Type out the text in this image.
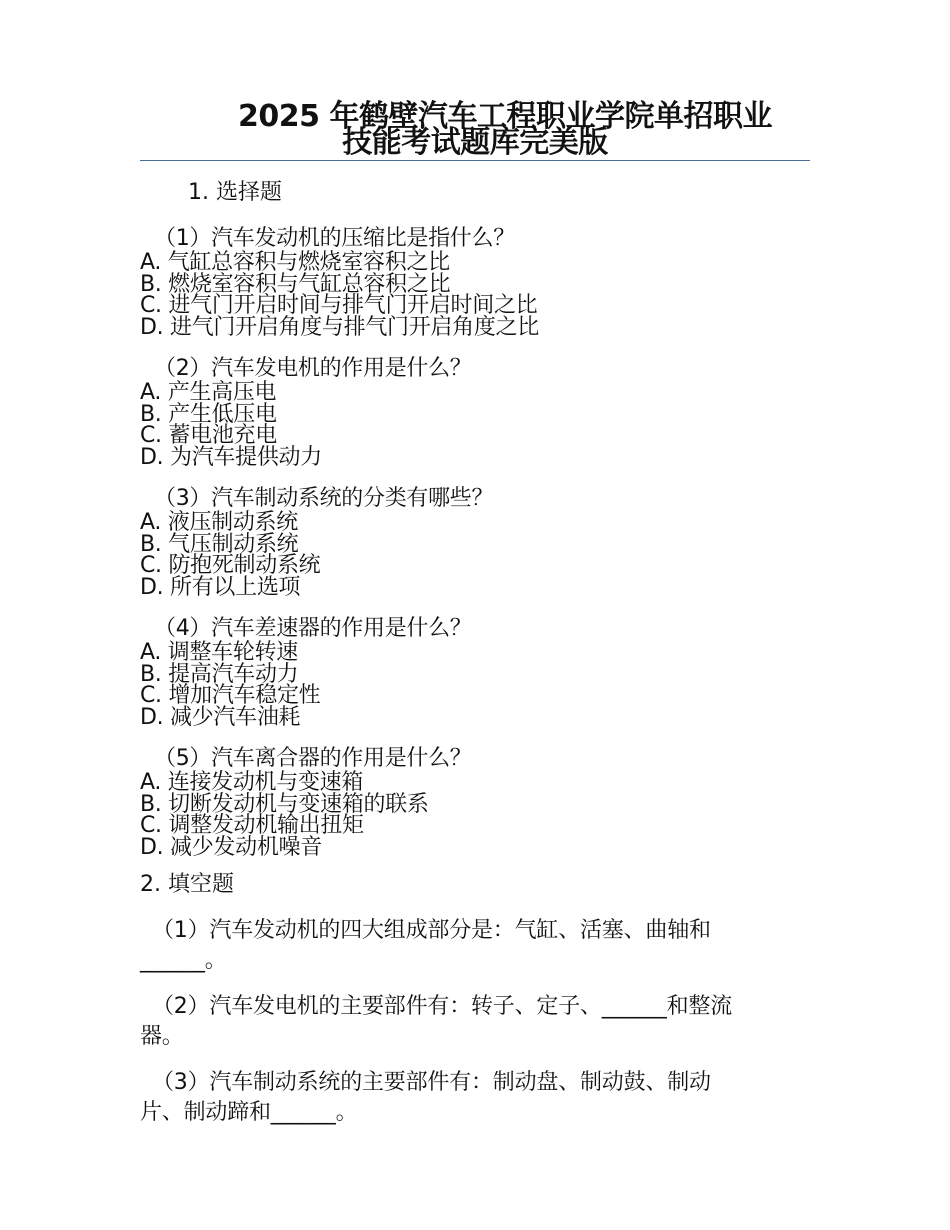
2025 年鹤壁汽车工程职业学院单招职业
技能考试题库完美版
1. 选择题
（1）汽车发动机的压缩比是指什么？
A. 气缸总容积与燃烧室容积之比
B. 燃烧室容积与气缸总容积之比
C. 进气门开启时间与排气门开启时间之比
D. 进气门开启角度与排气门开启角度之比
（2）汽车发电机的作用是什么？
A. 产生高压电
B. 产生低压电
C. 蓄电池充电
D. 为汽车提供动力
（3）汽车制动系统的分类有哪些？
A. 液压制动系统
B. 气压制动系统
C. 防抱死制动系统
D. 所有以上选项
（4）汽车差速器的作用是什么？
A. 调整车轮转速
B. 提高汽车动力
C. 增加汽车稳定性
D. 减少汽车油耗
（5）汽车离合器的作用是什么？
A. 连接发动机与变速箱
B. 切断发动机与变速箱的联系
C. 调整发动机输出扭矩
D. 减少发动机噪音
2. 填空题
（1）汽车发动机的四大组成部分是：气缸、活塞、曲轴和
______。
（2）汽车发电机的主要部件有：转子、定子、______和整流
器。
（3）汽车制动系统的主要部件有：制动盘、制动鼓、制动
片、制动蹄和______。
